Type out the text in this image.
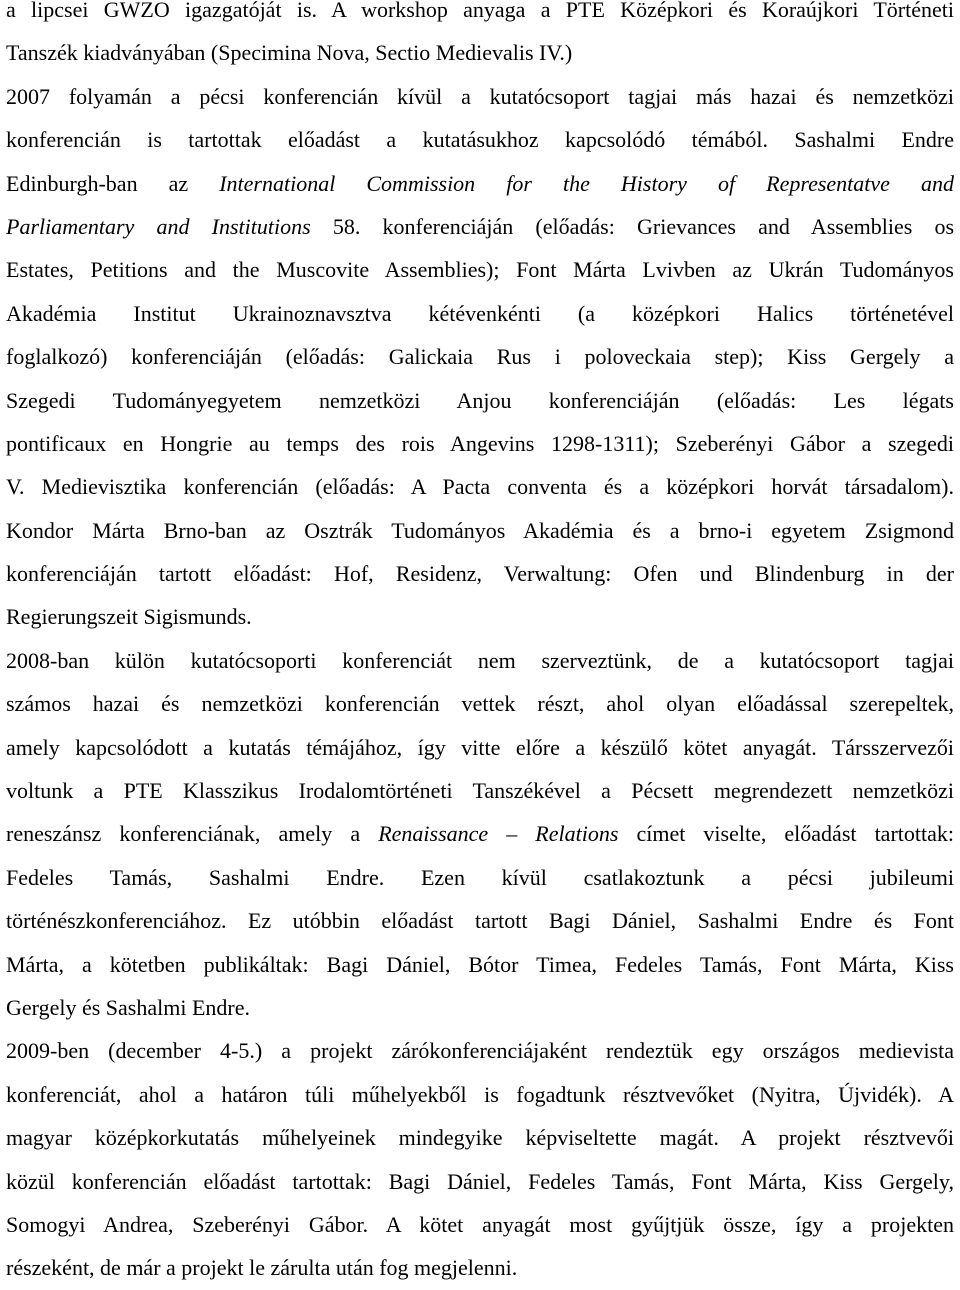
a lipcsei GWZO igazgatóját is. A workshop anyaga a PTE Középkori és Koraújkori Történeti
Tanszék kiadványában (Specimina Nova, Sectio Medievalis IV.)
2007 folyamán a pécsi konferencián kívül a kutatócsoport tagjai más hazai és nemzetközi
konferencián is tartottak előadást a kutatásukhoz kapcsolódó témából. Sashalmi Endre
Edinburgh-ban az International Commission for the History of Representatve and
Parliamentary and Institutions 58. konferenciáján (előadás: Grievances and Assemblies os
Estates, Petitions and the Muscovite Assemblies); Font Márta Lvivben az Ukrán Tudományos
Akadémia Institut Ukrainoznavsztva kétévenkénti (a középkori Halics történetével
foglalkozó) konferenciáján (előadás: Galickaia Rus i poloveckaia step); Kiss Gergely a
Szegedi Tudományegyetem nemzetközi Anjou konferenciáján (előadás: Les légats
pontificaux en Hongrie au temps des rois Angevins 1298-1311); Szeberényi Gábor a szegedi
V. Medievisztika konferencián (előadás: A Pacta conventa és a középkori horvát társadalom).
Kondor Márta Brno-ban az Osztrák Tudományos Akadémia és a brno-i egyetem Zsigmond
konferenciáján tartott előadást: Hof, Residenz, Verwaltung: Ofen und Blindenburg in der
Regierungszeit Sigismunds.
2008-ban külön kutatócsoporti konferenciát nem szerveztünk, de a kutatócsoport tagjai
számos hazai és nemzetközi konferencián vettek részt, ahol olyan előadással szerepeltek,
amely kapcsolódott a kutatás témájához, így vitte előre a készülő kötet anyagát. Társszervezői
voltunk a PTE Klasszikus Irodalomtörténeti Tanszékével a Pécsett megrendezett nemzetközi
reneszánsz konferenciának, amely a Renaissance – Relations címet viselte, előadást tartottak:
Fedeles Tamás, Sashalmi Endre. Ezen kívül csatlakoztunk a pécsi jubileumi
történészkonferenciához. Ez utóbbin előadást tartott Bagi Dániel, Sashalmi Endre és Font
Márta, a kötetben publikáltak: Bagi Dániel, Bótor Timea, Fedeles Tamás, Font Márta, Kiss
Gergely és Sashalmi Endre.
2009-ben (december 4-5.) a projekt zárókonferenciájaként rendeztük egy országos medievista
konferenciát, ahol a határon túli műhelyekből is fogadtunk résztvevőket (Nyitra, Újvidék). A
magyar középkorkutatás műhelyeinek mindegyike képviseltette magát. A projekt résztvevői
közül konferencián előadást tartottak: Bagi Dániel, Fedeles Tamás, Font Márta, Kiss Gergely,
Somogyi Andrea, Szeberényi Gábor. A kötet anyagát most gyűjtjük össze, így a projekten
részeként, de már a projekt le zárulta után fog megjelenni.
